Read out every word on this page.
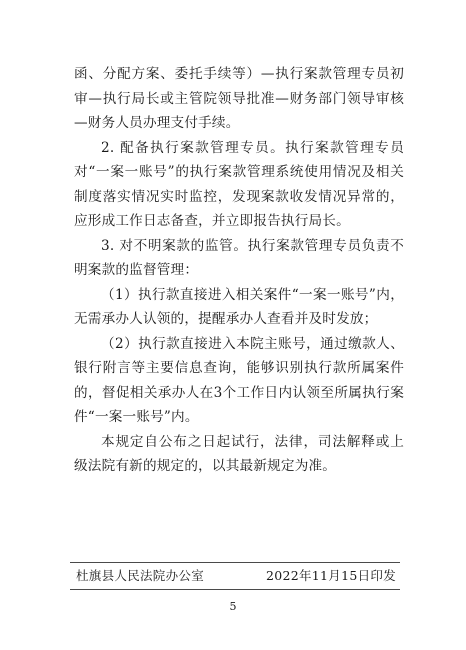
函、分配方案、委托手续等）—执行案款管理专员初审—执行局长或主管院领导批准—财务部门领导审核—财务人员办理支付手续。

2. 配备执行案款管理专员。执行案款管理专员对“一案一账号”的执行案款管理系统使用情况及相关制度落实情况实时监控，发现案款收发情况异常的，应形成工作日志备查，并立即报告执行局长。

3. 对不明案款的监管。执行案款管理专员负责不明案款的监督管理：

（1）执行款直接进入相关案件“一案一账号”内，无需承办人认领的，提醒承办人查看并及时发放；

（2）执行款直接进入本院主账号，通过缴款人、银行附言等主要信息查询，能够识别执行款所属案件的，督促相关承办人在3个工作日内认领至所属执行案件“一案一账号”内。

本规定自公布之日起试行，法律，司法解释或上级法院有新的规定的，以其最新规定为准。

杜旗县人民法院办公室	2022年11月15日印发
5
